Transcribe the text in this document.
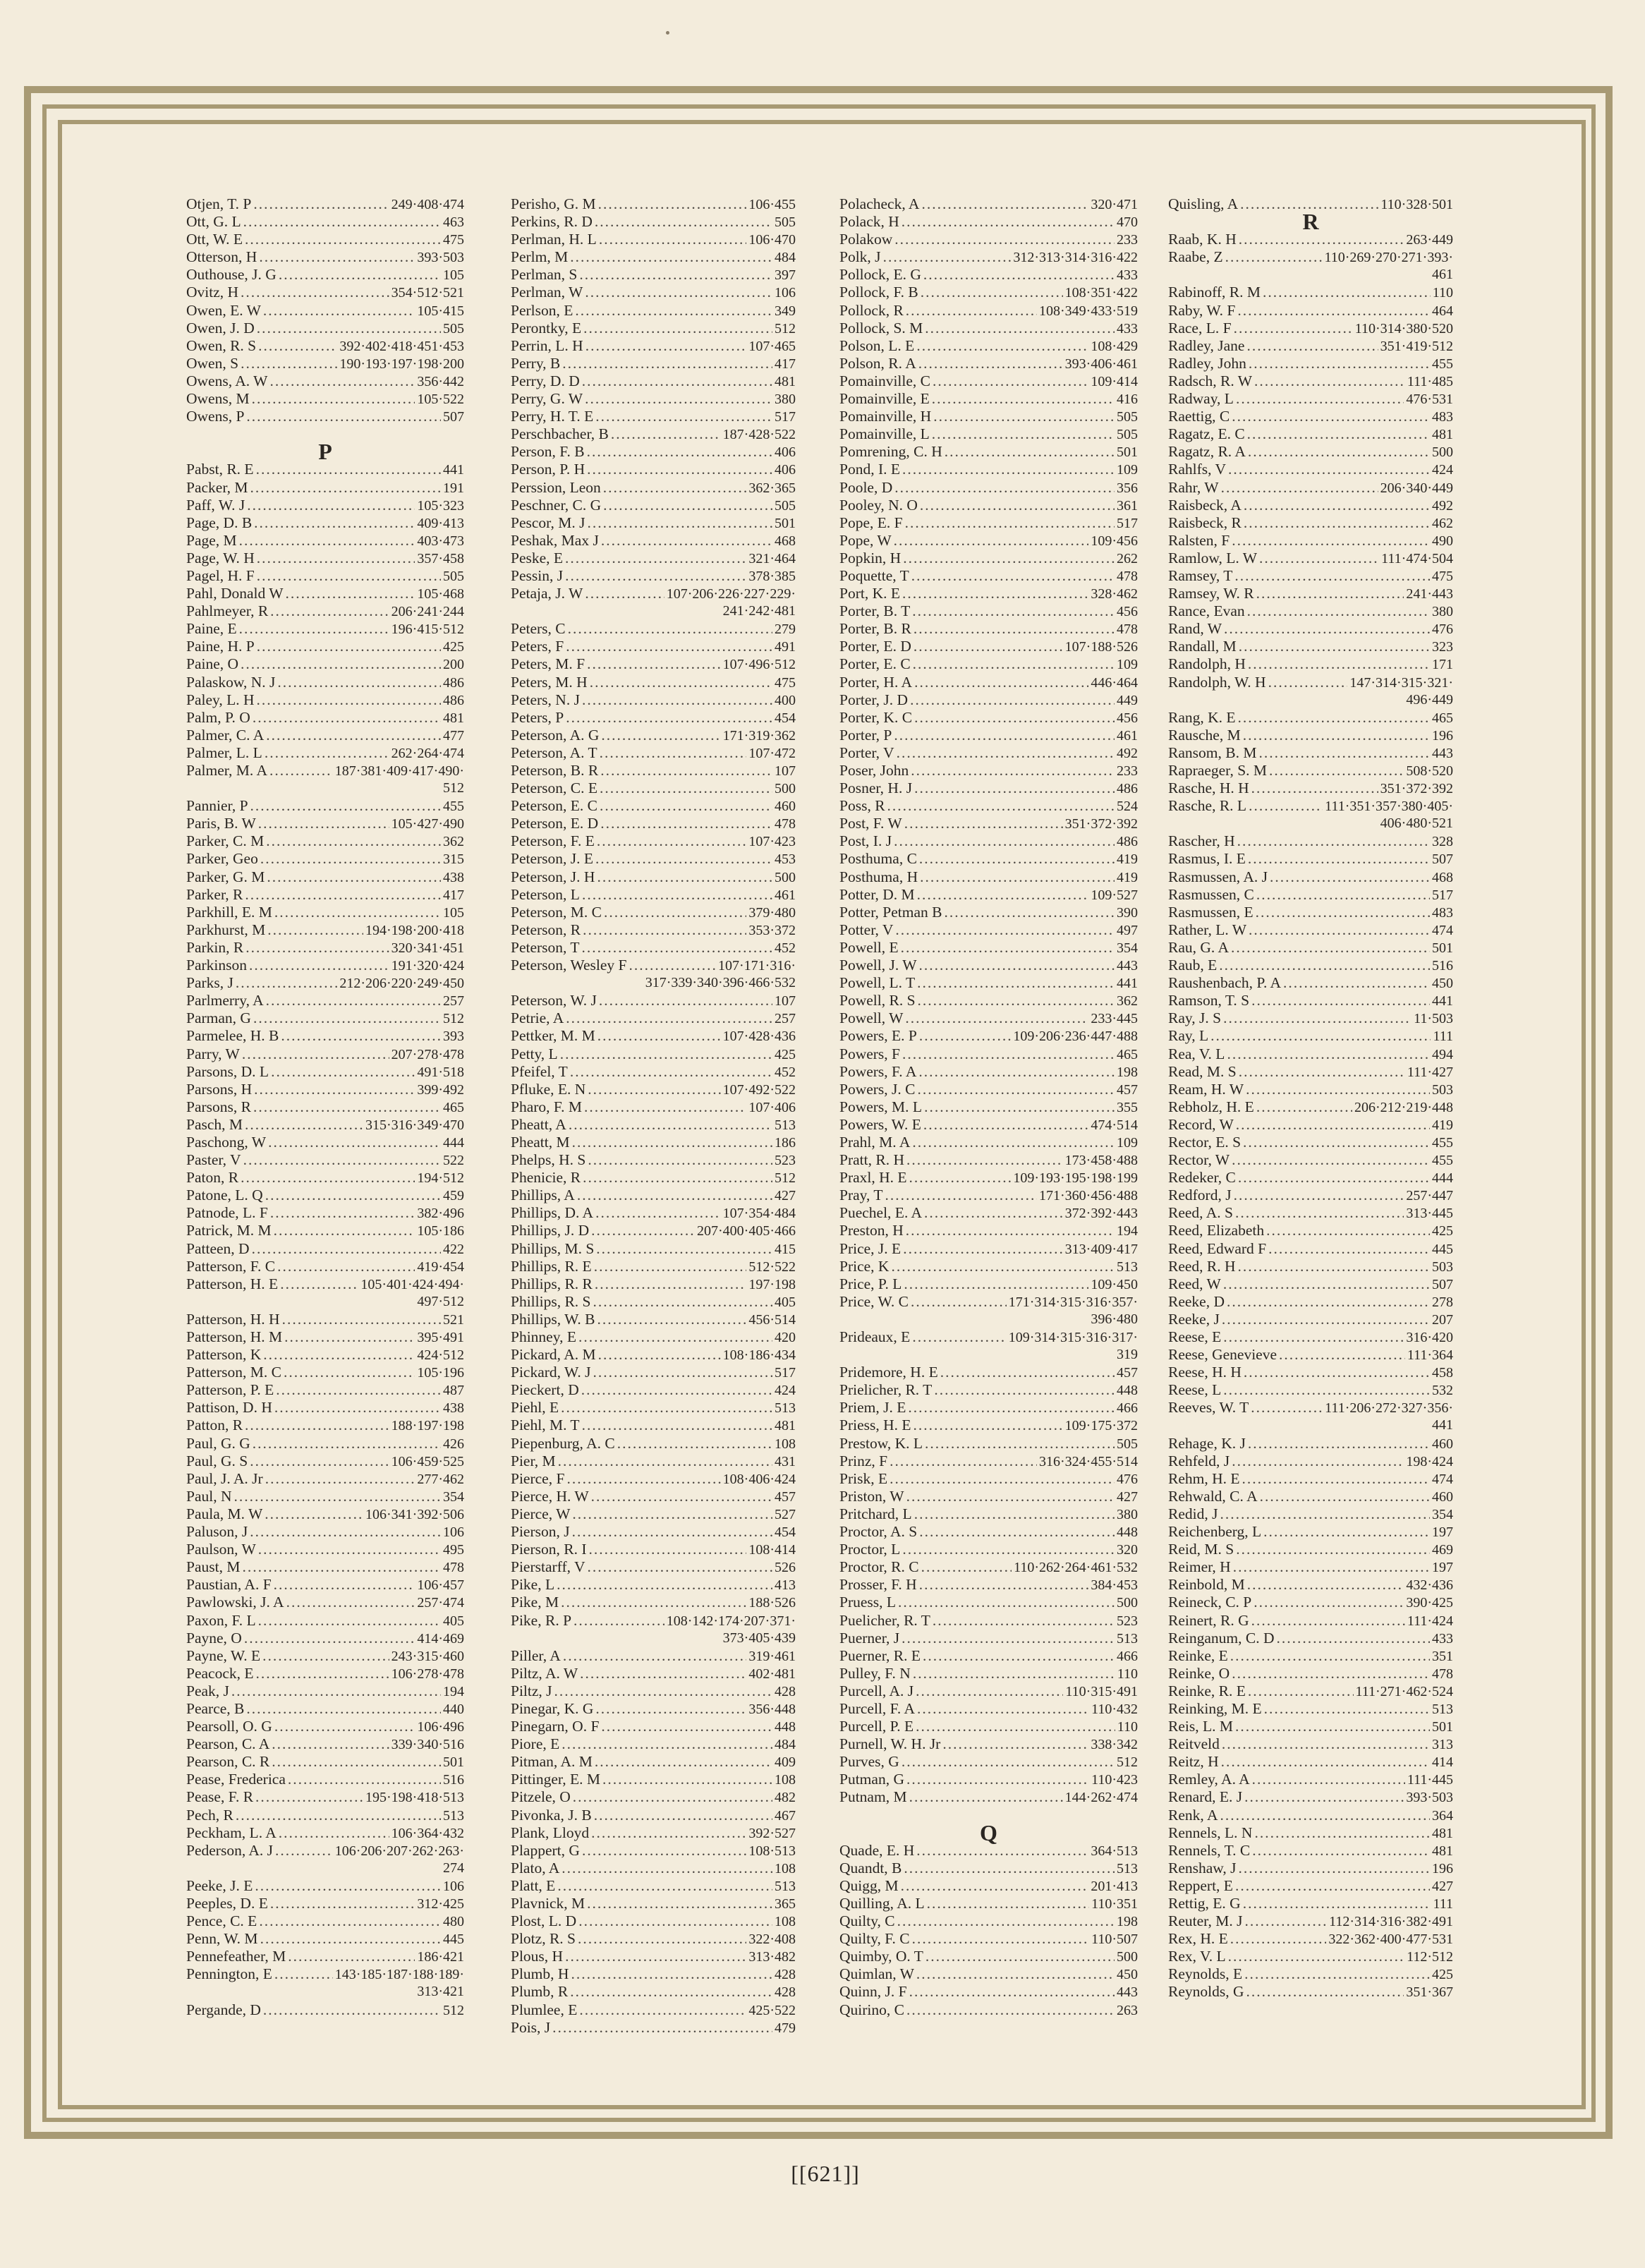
Otjen, T. P .....	249·408·474
Ott, G. L .....	463
Ott, W. E .....	475
Otterson, H .....	393·503
Outhouse, J. G .....	105
Ovitz, H .....	354·512·521
Owen, E. W .....	105·415
Owen, J. D .....	505
Owen, R. S .....	392·402·418·451·453
Owen, S .....	190·193·197·198·200
Owens, A. W .....	356·442
Owens, M .....	105·522
Owens, P .....	507
P
Pabst, R. E .....	441
Packer, M .....	191
Paff, W. J .....	105·323
Page, D. B .....	409·413
Page, M .....	403·473
Page, W. H .....	357·458
Pagel, H. F .....	505
Pahl, Donald W .....	105·468
Pahlmeyer, R .....	206·241·244
Paine, E .....	196·415·512
Paine, H. P .....	425
Paine, O .....	200
Palaskow, N. J .....	486
Paley, L. H .....	486
Palm, P. O .....	481
Palmer, C. A .....	477
Palmer, L. L .....	262·264·474
Palmer, M. A .....	187·381·409·417·490·
512
Pannier, P .....	455
Paris, B. W .....	105·427·490
Parker, C. M .....	362
Parker, Geo .....	315
Parker, G. M .....	438
Parker, R .....	417
Parkhill, E. M .....	105
Parkhurst, M .....	194·198·200·418
Parkin, R .....	320·341·451
Parkinson .....	191·320·424
Parks, J .....	212·206·220·249·450
Parlmerry, A .....	257
Parman, G .....	512
Parmelee, H. B .....	393
Parry, W .....	207·278·478
Parsons, D. L .....	491·518
Parsons, H .....	399·492
Parsons, R .....	465
Pasch, M .....	315·316·349·470
Paschong, W .....	444
Paster, V .....	522
Paton, R .....	194·512
Patone, L. Q .....	459
Patnode, L. F .....	382·496
Patrick, M. M .....	105·186
Patteen, D .....	422
Patterson, F. C .....	419·454
Patterson, H. E .....	105·401·424·494·
497·512
Patterson, H. H .....	521
Patterson, H. M .....	395·491
Patterson, K .....	424·512
Patterson, M. C .....	105·196
Patterson, P. E .....	487
Pattison, D. H .....	438
Patton, R .....	188·197·198
Paul, G. G .....	426
Paul, G. S .....	106·459·525
Paul, J. A. Jr .....	277·462
Paul, N .....	354
Paula, M. W .....	106·341·392·506
Paluson, J .....	106
Paulson, W .....	495
Paust, M .....	478
Paustian, A. F .....	106·457
Pawlowski, J. A .....	257·474
Paxon, F. L .....	405
Payne, O .....	414·469
Payne, W. E .....	243·315·460
Peacock, E .....	106·278·478
Peak, J .....	194
Pearce, B .....	440
Pearsoll, O. G .....	106·496
Pearson, C. A .....	339·340·516
Pearson, C. R .....	501
Pease, Frederica .....	516
Pease, F. R .....	195·198·418·513
Pech, R .....	513
Peckham, L. A .....	106·364·432
Pederson, A. J .....	106·206·207·262·263·
274
Peeke, J. E .....	106
Peeples, D. E .....	312·425
Pence, C. E .....	480
Penn, W. M .....	445
Pennefeather, M .....	186·421
Pennington, E .....	143·185·187·188·189·
313·421
Pergande, D .....	512
Perisho, G. M .....	106·455
Perkins, R. D .....	505
Perlman, H. L .....	106·470
Perlm, M .....	484
Perlman, S .....	397
Perlman, W .....	106
Perlson, E .....	349
Perontky, E .....	512
Perrin, L. H .....	107·465
Perry, B .....	417
Perry, D. D .....	481
Perry, G. W .....	380
Perry, H. T. E .....	517
Perschbacher, B .....	187·428·522
Person, F. B .....	406
Person, P. H .....	406
Perssion, Leon .....	362·365
Peschner, C. G .....	505
Pescor, M. J .....	501
Peshak, Max J .....	468
Peske, E .....	321·464
Pessin, J .....	378·385
Petaja, J. W .....	107·206·226·227·229·
241·242·481
Peters, C .....	279
Peters, F .....	491
Peters, M. F .....	107·496·512
Peters, M. H .....	475
Peters, N. J .....	400
Peters, P .....	454
Peterson, A. G .....	171·319·362
Peterson, A. T .....	107·472
Peterson, B. R .....	107
Peterson, C. E .....	500
Peterson, E. C .....	460
Peterson, E. D .....	478
Peterson, F. E .....	107·423
Peterson, J. E .....	453
Peterson, J. H .....	500
Peterson, L .....	461
Peterson, M. C .....	379·480
Peterson, R .....	353·372
Peterson, T .....	452
Peterson, Wesley F .....	107·171·316·
317·339·340·396·466·532
Peterson, W. J .....	107
Petrie, A .....	257
Pettker, M. M .....	107·428·436
Petty, L .....	425
Pfeifel, T .....	452
Pfluke, E. N .....	107·492·522
Pharo, F. M .....	107·406
Pheatt, A .....	513
Pheatt, M .....	186
Phelps, H. S .....	523
Phenicie, R .....	512
Phillips, A .....	427
Phillips, D. A .....	107·354·484
Phillips, J. D .....	207·400·405·466
Phillips, M. S .....	415
Phillips, R. E .....	512·522
Phillips, R. R .....	197·198
Phillips, R. S .....	405
Phillips, W. B .....	456·514
Phinney, E .....	420
Pickard, A. M .....	108·186·434
Pickard, W. J .....	517
Pieckert, D .....	424
Piehl, E .....	513
Piehl, M. T .....	481
Piepenburg, A. C .....	108
Pier, M .....	431
Pierce, F .....	108·406·424
Pierce, H. W .....	457
Pierce, W .....	527
Pierson, J .....	454
Pierson, R. I .....	108·414
Pierstarff, V .....	526
Pike, L .....	413
Pike, M .....	188·526
Pike, R. P .....	108·142·174·207·371·
373·405·439
Piller, A .....	319·461
Piltz, A. W .....	402·481
Piltz, J .....	428
Pinegar, K. G .....	356·448
Pinegarn, O. F .....	448
Piore, E .....	484
Pitman, A. M .....	409
Pittinger, E. M .....	108
Pitzele, O .....	482
Pivonka, J. B .....	467
Plank, Lloyd .....	392·527
Plappert, G .....	108·513
Plato, A .....	108
Platt, E .....	513
Plavnick, M .....	365
Plost, L. D .....	108
Plotz, R. S .....	322·408
Plous, H .....	313·482
Plumb, H .....	428
Plumb, R .....	428
Plumlee, E .....	425·522
Pois, J .....	479
Polacheck, A .....	320·471
Polack, H .....	470
Polakow .....	233
Polk, J .....	312·313·314·316·422
Pollock, E. G .....	433
Pollock, F. B .....	108·351·422
Pollock, R .....	108·349·433·519
Pollock, S. M .....	433
Polson, L. E .....	108·429
Polson, R. A .....	393·406·461
Pomainville, C .....	109·414
Pomainville, E .....	416
Pomainville, H .....	505
Pomainville, L .....	505
Pomrening, C. H .....	501
Pond, I. E .....	109
Poole, D .....	356
Pooley, N. O .....	361
Pope, E. F .....	517
Pope, W .....	109·456
Popkin, H .....	262
Poquette, T .....	478
Port, K. E .....	328·462
Porter, B. T .....	456
Porter, B. R .....	478
Porter, E. D .....	107·188·526
Porter, E. C .....	109
Porter, H. A .....	446·464
Porter, J. D .....	449
Porter, K. C .....	456
Porter, P .....	461
Porter, V .....	492
Poser, John .....	233
Posner, H. J .....	486
Poss, R .....	524
Post, F. W .....	351·372·392
Post, I. J .....	486
Posthuma, C .....	419
Posthuma, H .....	419
Potter, D. M .....	109·527
Potter, Petman B .....	390
Potter, V .....	497
Powell, E .....	354
Powell, J. W .....	443
Powell, L. T .....	441
Powell, R. S .....	362
Powell, W .....	233·445
Powers, E. P .....	109·206·236·447·488
Powers, F .....	465
Powers, F. A .....	198
Powers, J. C .....	457
Powers, M. L .....	355
Powers, W. E .....	474·514
Prahl, M. A .....	109
Pratt, R. H .....	173·458·488
Praxl, H. E .....	109·193·195·198·199
Pray, T .....	171·360·456·488
Puechel, E. A .....	372·392·443
Preston, H .....	194
Price, J. E .....	313·409·417
Price, K .....	513
Price, P. L .....	109·450
Price, W. C .....	171·314·315·316·357·
396·480
Prideaux, E .....	109·314·315·316·317·
319
Pridemore, H. E .....	457
Prielicher, R. T .....	448
Priem, J. E .....	466
Priess, H. E .....	109·175·372
Prestow, K. L .....	505
Prinz, F .....	316·324·455·514
Prisk, E .....	476
Priston, W .....	427
Pritchard, L .....	380
Proctor, A. S .....	448
Proctor, L .....	320
Proctor, R. C .....	110·262·264·461·532
Prosser, F. H .....	384·453
Pruess, L .....	500
Puelicher, R. T .....	523
Puerner, J .....	513
Puerner, R. E .....	466
Pulley, F. N .....	110
Purcell, A. J .....	110·315·491
Purcell, F. A .....	110·432
Purcell, P. E .....	110
Purnell, W. H. Jr .....	338·342
Purves, G .....	512
Putman, G .....	110·423
Putnam, M .....	144·262·474
Q
Quade, E. H .....	364·513
Quandt, B .....	513
Quigg, M .....	201·413
Quilling, A. L .....	110·351
Quilty, C .....	198
Quilty, F. C .....	110·507
Quimby, O. T .....	500
Quimlan, W .....	450
Quinn, J. F .....	443
Quirino, C .....	263
Quisling, A .....	110·328·501
R
Raab, K. H .....	263·449
Raabe, Z .....	110·269·270·271·393·
461
Rabinoff, R. M .....	110
Raby, W. F .....	464
Race, L. F .....	110·314·380·520
Radley, Jane .....	351·419·512
Radley, John .....	455
Radsch, R. W .....	111·485
Radway, L .....	476·531
Raettig, C .....	483
Ragatz, E. C .....	481
Ragatz, R. A .....	500
Rahlfs, V .....	424
Rahr, W .....	206·340·449
Raisbeck, A .....	492
Raisbeck, R .....	462
Ralsten, F .....	490
Ramlow, L. W .....	111·474·504
Ramsey, T .....	475
Ramsey, W. R .....	241·443
Rance, Evan .....	380
Rand, W .....	476
Randall, M .....	323
Randolph, H .....	171
Randolph, W. H .....	147·314·315·321·
496·449
Rang, K. E .....	465
Rausche, M .....	196
Ransom, B. M .....	443
Rapraeger, S. M .....	508·520
Rasche, H. H .....	351·372·392
Rasche, R. L .....	111·351·357·380·405·
406·480·521
Rascher, H .....	328
Rasmus, I. E .....	507
Rasmussen, A. J .....	468
Rasmussen, C .....	517
Rasmussen, E .....	483
Rather, L. W .....	474
Rau, G. A .....	501
Raub, E .....	516
Raushenbach, P. A .....	450
Ramson, T. S .....	441
Ray, J. S .....	11·503
Ray, L .....	111
Rea, V. L .....	494
Read, M. S .....	111·427
Ream, H. W .....	503
Rebholz, H. E .....	206·212·219·448
Record, W .....	419
Rector, E. S .....	455
Rector, W .....	455
Redeker, C .....	444
Redford, J .....	257·447
Reed, A. S .....	313·445
Reed, Elizabeth .....	425
Reed, Edward F .....	445
Reed, R. H .....	503
Reed, W .....	507
Reeke, D .....	278
Reeke, J .....	207
Reese, E .....	316·420
Reese, Genevieve .....	111·364
Reese, H. H .....	458
Reese, L .....	532
Reeves, W. T .....	111·206·272·327·356·
441
Rehage, K. J .....	460
Rehfeld, J .....	198·424
Rehm, H. E .....	474
Rehwald, C. A .....	460
Redid, J .....	354
Reichenberg, L .....	197
Reid, M. S .....	469
Reimer, H .....	197
Reinbold, M .....	432·436
Reineck, C. P .....	390·425
Reinert, R. G .....	111·424
Reinganum, C. D .....	433
Reinke, E .....	351
Reinke, O .....	478
Reinke, R. E .....	111·271·462·524
Reinking, M. E .....	513
Reis, L. M .....	501
Reitveld .....	313
Reitz, H .....	414
Remley, A. A .....	111·445
Renard, E. J .....	393·503
Renk, A .....	364
Rennels, L. N .....	481
Rennels, T. C .....	481
Renshaw, J .....	196
Reppert, E .....	427
Rettig, E. G .....	111
Reuter, M. J .....	112·314·316·382·491
Rex, H. E .....	322·362·400·477·531
Rex, V. L .....	112·512
Reynolds, E .....	425
Reynolds, G .....	351·367
[[621]]
